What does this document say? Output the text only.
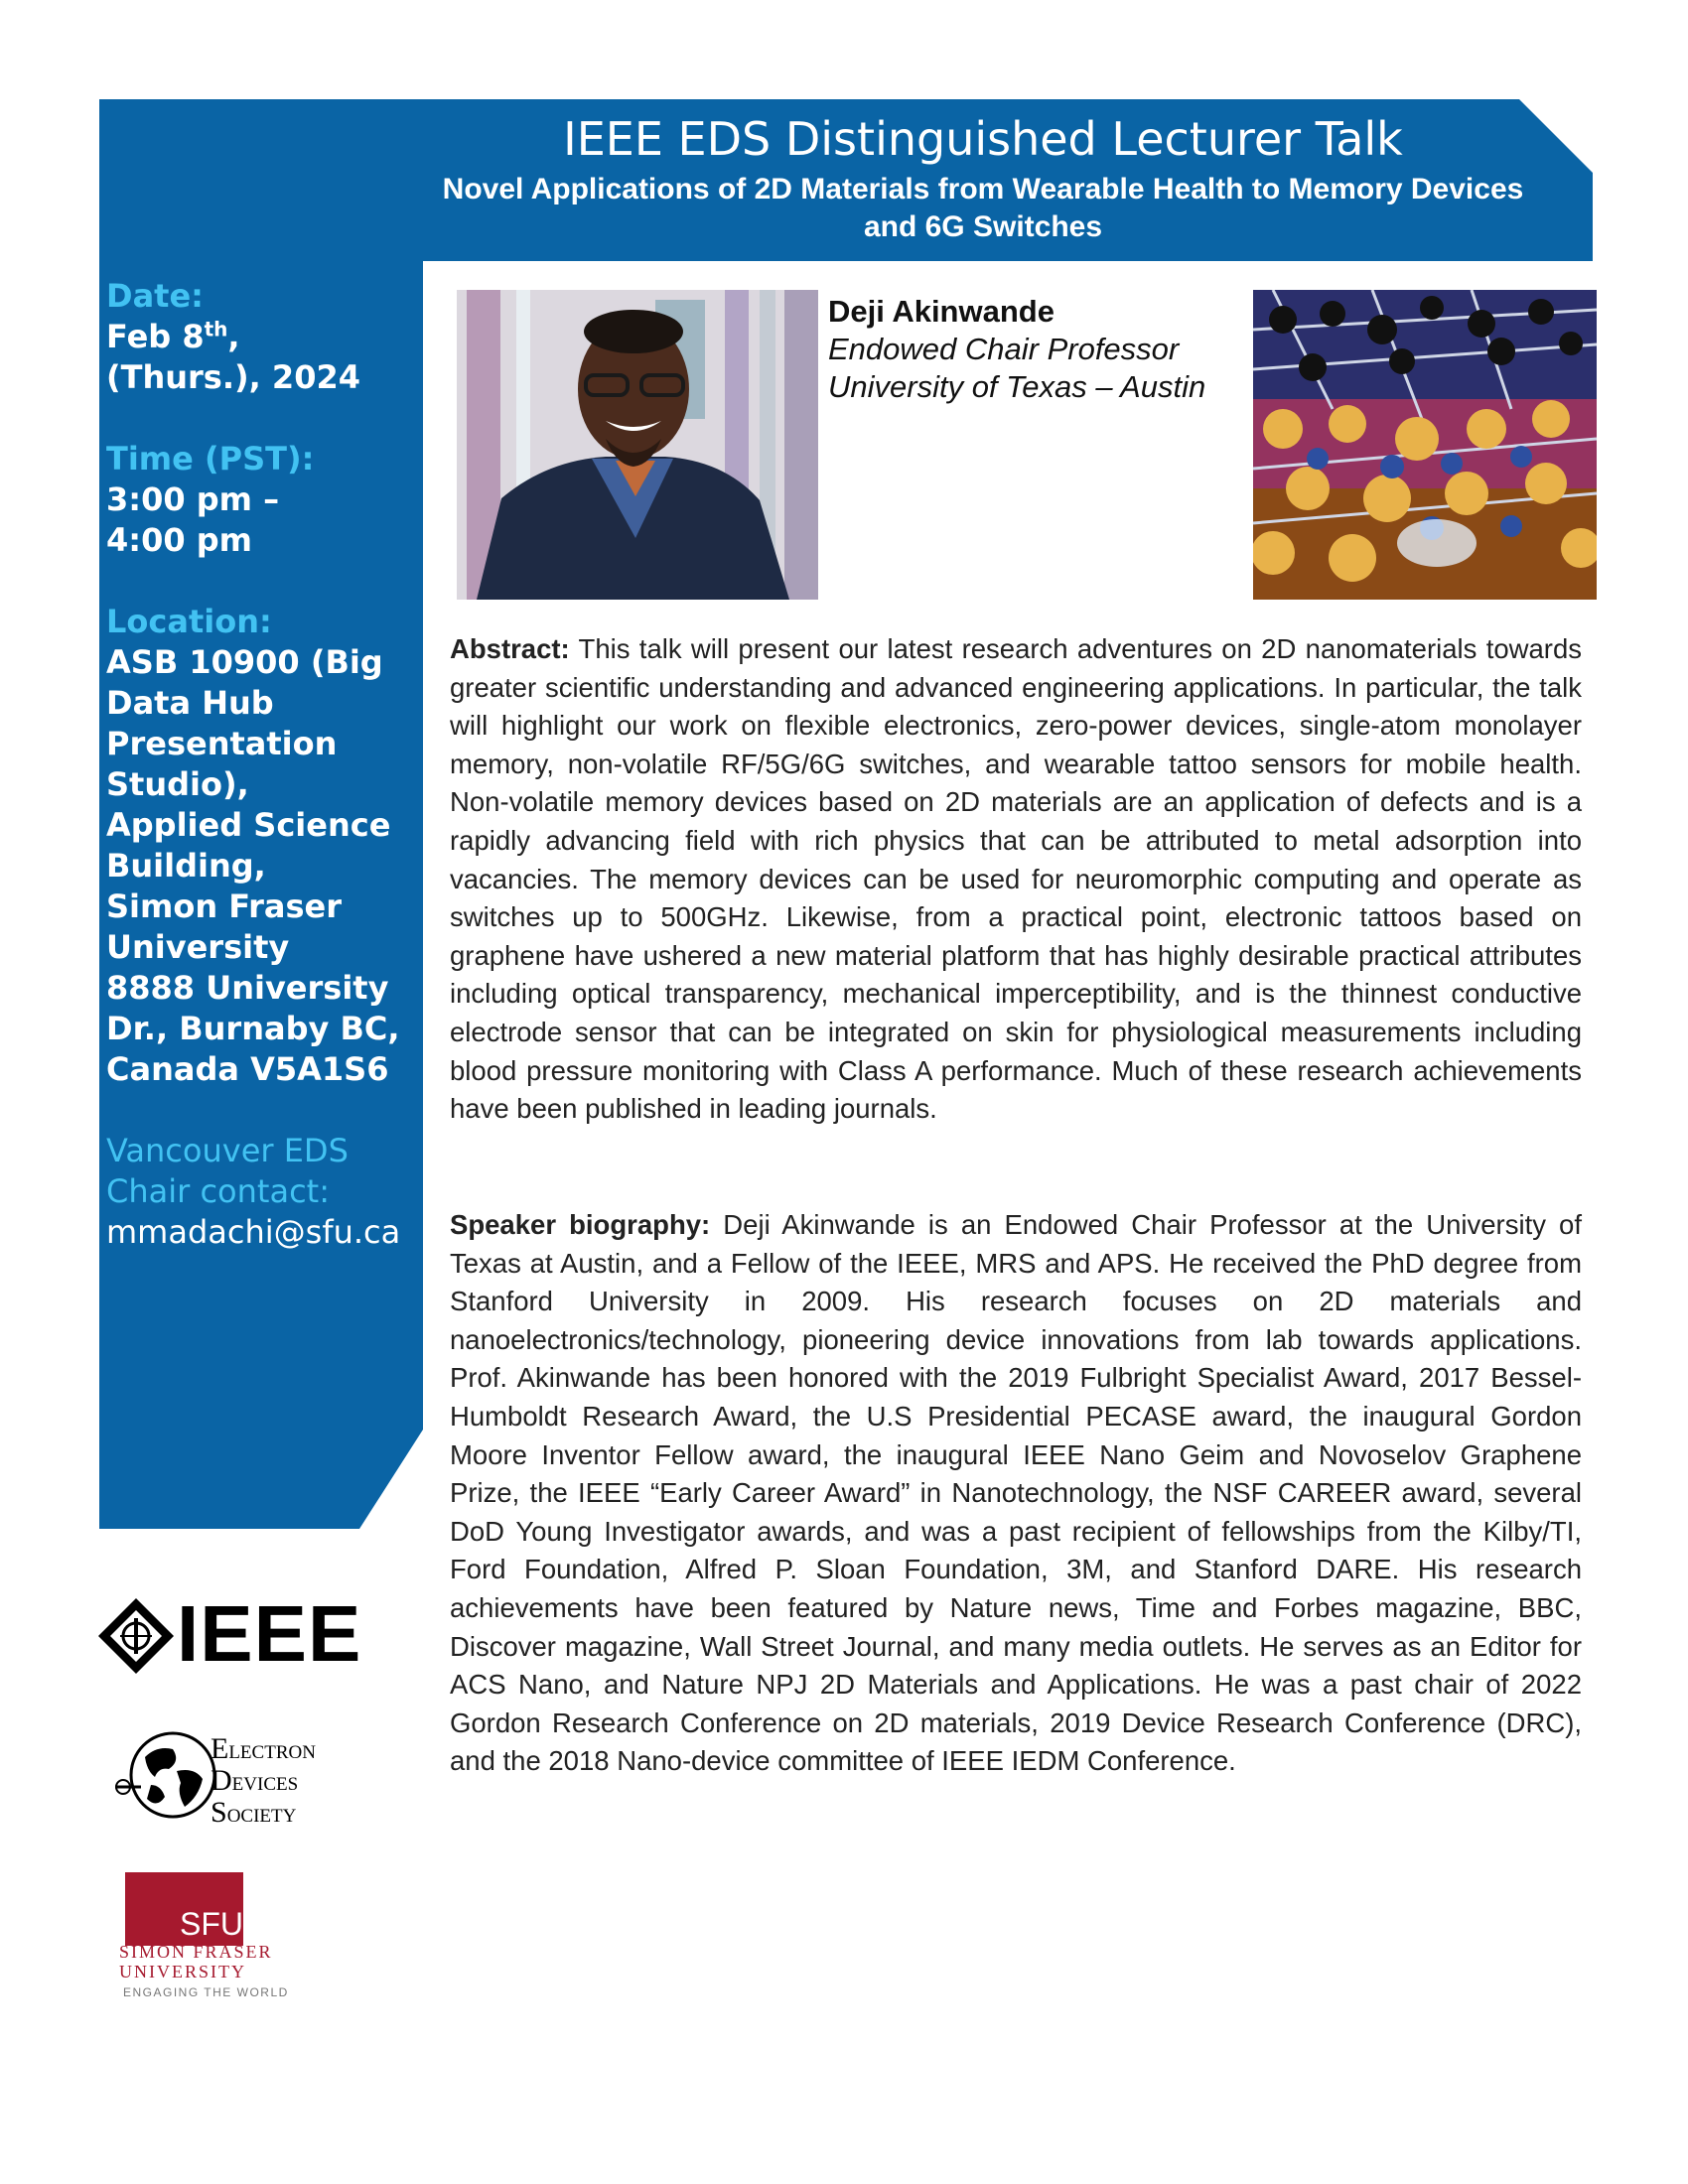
IEEE EDS Distinguished Lecturer Talk
Novel Applications of 2D Materials from Wearable Health to Memory Devices
and 6G Switches
Date:
Feb 8th,
(Thurs.), 2024
Time (PST):
3:00 pm –
4:00 pm
Location:
ASB 10900 (Big
Data Hub
Presentation
Studio),
Applied Science
Building,
Simon Fraser
University
8888 University
Dr., Burnaby BC,
Canada V5A1S6
Vancouver EDS
Chair contact:
mmadachi@sfu.ca
Deji Akinwande
Endowed Chair Professor
University of Texas – Austin
Abstract: This talk will present our latest research adventures on 2D nanomaterials towards greater scientific understanding and advanced engineering applications. In particular, the talk will highlight our work on flexible electronics, zero-power devices, single-atom monolayer memory, non-volatile RF/5G/6G switches, and wearable tattoo sensors for mobile health. Non-volatile memory devices based on 2D materials are an application of defects and is a rapidly advancing field with rich physics that can be attributed to metal adsorption into vacancies. The memory devices can be used for neuromorphic computing and operate as switches up to 500GHz. Likewise, from a practical point, electronic tattoos based on graphene have ushered a new material platform that has highly desirable practical attributes including optical transparency, mechanical imperceptibility, and is the thinnest conductive electrode sensor that can be integrated on skin for physiological measurements including blood pressure monitoring with Class A performance. Much of these research achievements have been published in leading journals.
Speaker biography: Deji Akinwande is an Endowed Chair Professor at the University of Texas at Austin, and a Fellow of the IEEE, MRS and APS. He received the PhD degree from Stanford University in 2009. His research focuses on 2D materials and nanoelectronics/technology, pioneering device innovations from lab towards applications. Prof. Akinwande has been honored with the 2019 Fulbright Specialist Award, 2017 Bessel-Humboldt Research Award, the U.S Presidential PECASE award, the inaugural Gordon Moore Inventor Fellow award, the inaugural IEEE Nano Geim and Novoselov Graphene Prize, the IEEE “Early Career Award” in Nanotechnology, the NSF CAREER award, several DoD Young Investigator awards, and was a past recipient of fellowships from the Kilby/TI, Ford Foundation, Alfred P. Sloan Foundation, 3M, and Stanford DARE. His research achievements have been featured by Nature news, Time and Forbes magazine, BBC, Discover magazine, Wall Street Journal, and many media outlets. He serves as an Editor for ACS Nano, and Nature NPJ 2D Materials and Applications. He was a past chair of 2022 Gordon Research Conference on 2D materials, 2019 Device Research Conference (DRC), and the 2018 Nano-device committee of IEEE IEDM Conference.
IEEE
ELECTRON
DEVICES
SOCIETY
SFU
SIMON FRASER
UNIVERSITY
ENGAGING THE WORLD
